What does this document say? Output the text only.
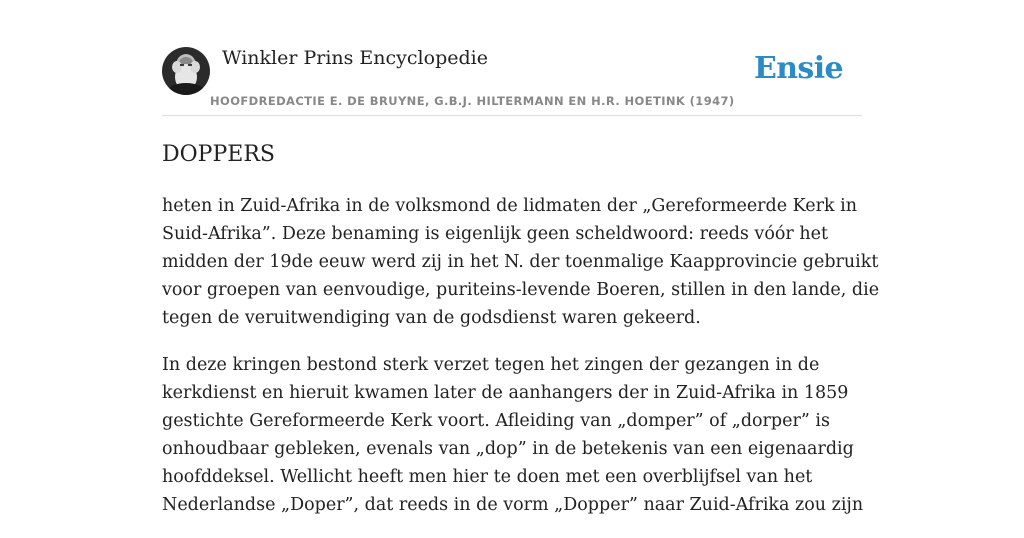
Winkler Prins Encyclopedie
HOOFDREDACTIE E. DE BRUYNE, G.B.J. HILTERMANN EN H.R. HOETINK (1947)
Ensie
DOPPERS

heten in Zuid-Afrika in de volksmond de lidmaten der „Gereformeerde Kerk in Suid-Afrika”. Deze benaming is eigenlijk geen scheldwoord: reeds vóór het midden der 19de eeuw werd zij in het N. der toenmalige Kaapprovincie gebruikt voor groepen van eenvoudige, puriteins-levende Boeren, stillen in den lande, die tegen de veruitwendiging van de godsdienst waren gekeerd.

In deze kringen bestond sterk verzet tegen het zingen der gezangen in de kerkdienst en hieruit kwamen later de aanhangers der in Zuid-Afrika in 1859 gestichte Gereformeerde Kerk voort. Afleiding van „domper” of „dorper” is onhoudbaar gebleken, evenals van „dop” in de betekenis van een eigenaardig hoofddeksel. Wellicht heeft men hier te doen met een overblijfsel van het Nederlandse „Doper”, dat reeds in de vorm „Dopper” naar Zuid-Afrika zou zijn
